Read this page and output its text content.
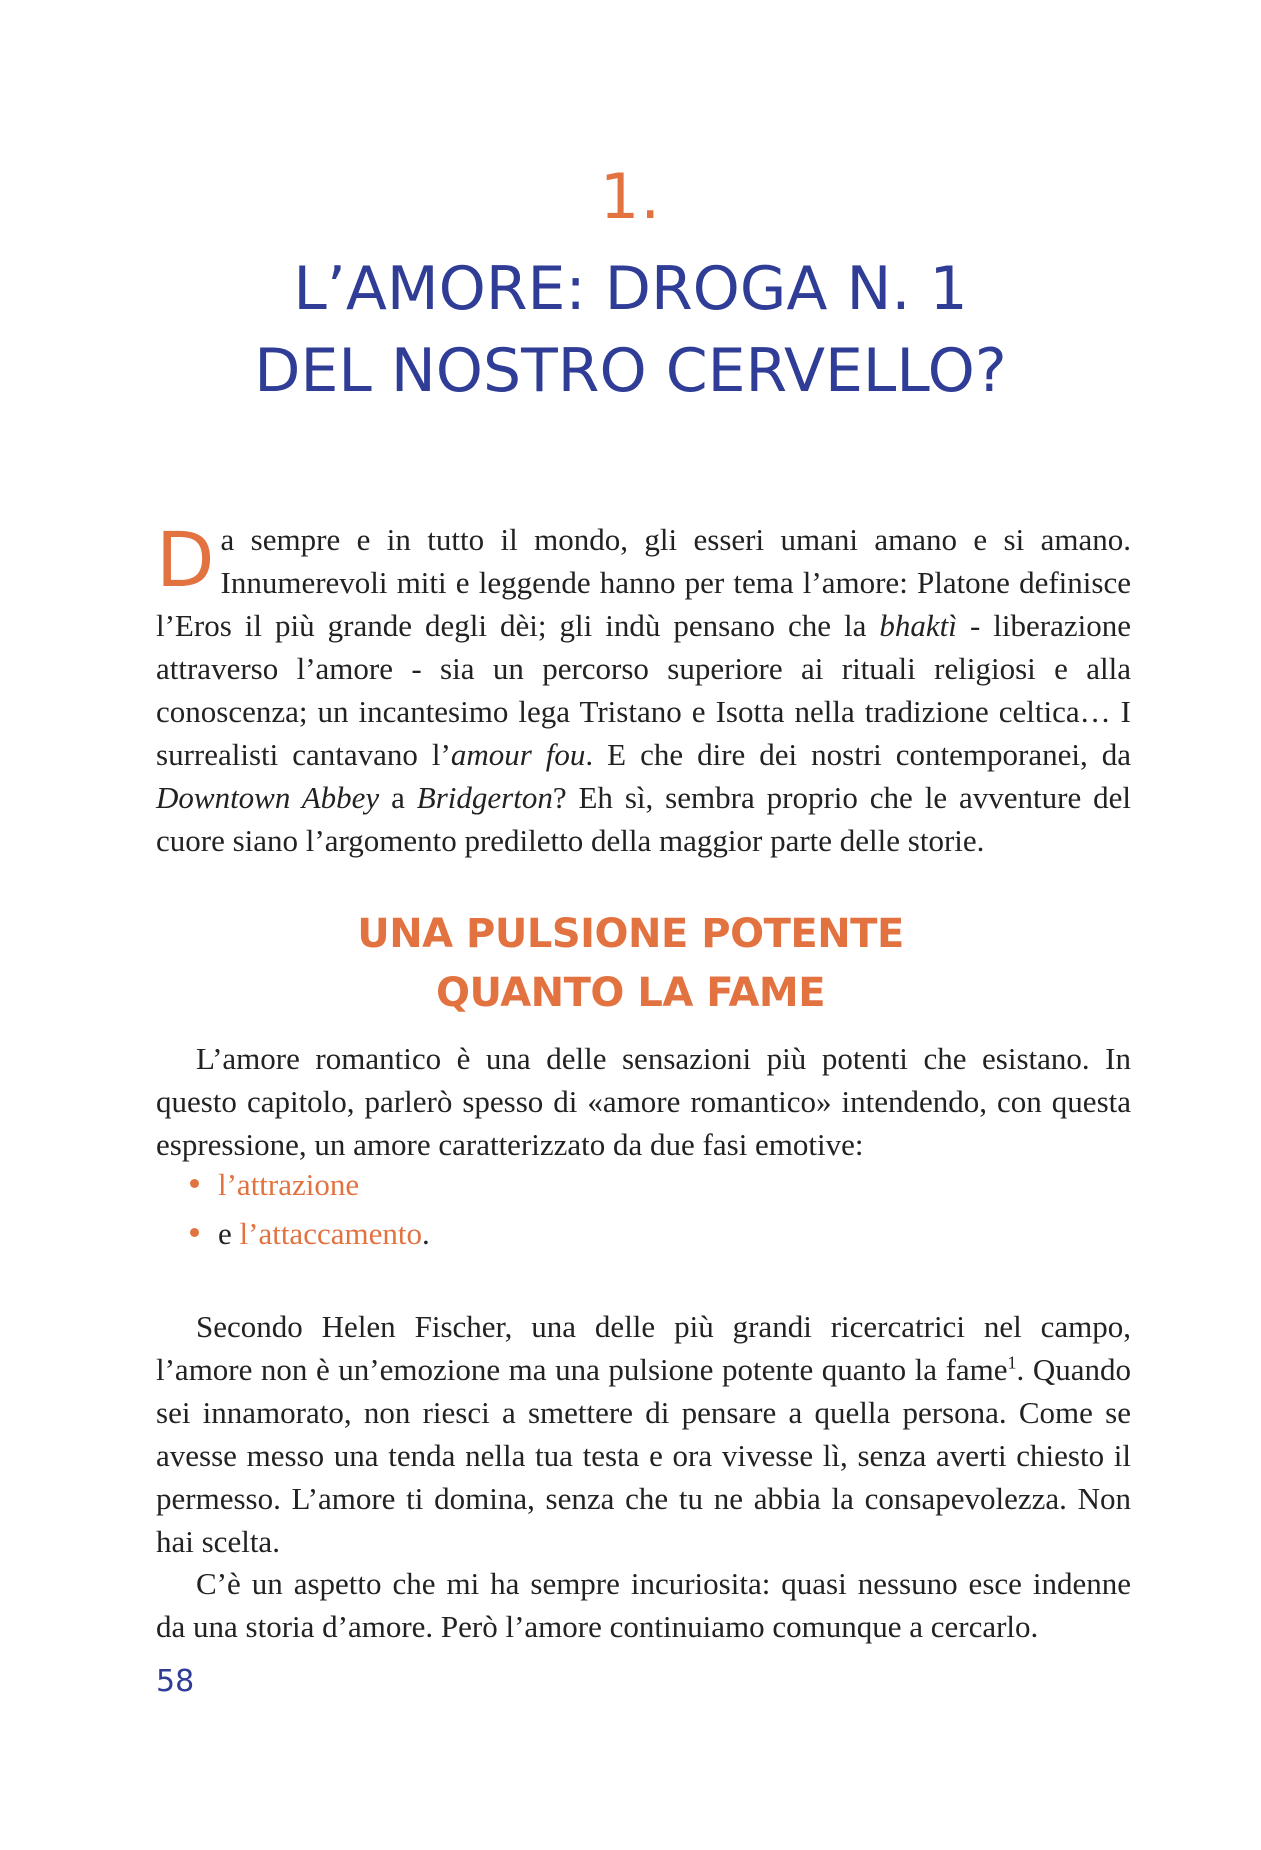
1.
L’AMORE: DROGA N. 1
DEL NOSTRO CERVELLO?
Da sempre e in tutto il mondo, gli esseri umani amano e si amano. Innumerevoli miti e leggende hanno per tema l’amore: Platone definisce l’Eros il più grande degli dèi; gli indù pensano che la bhaktì - liberazione attraverso l’amore - sia un percorso superiore ai rituali religiosi e alla conoscenza; un incantesimo lega Tristano e Isotta nella tradizione celtica… I surrealisti cantavano l’amour fou. E che dire dei nostri contemporanei, da Downtown Abbey a Bridgerton? Eh sì, sembra proprio che le avventure del cuore siano l’argomento prediletto della maggior parte delle storie.
UNA PULSIONE POTENTE
QUANTO LA FAME

L’amore romantico è una delle sensazioni più potenti che esistano. In questo capitolo, parlerò spesso di «amore romantico» intendendo, con questa espressione, un amore caratterizzato da due fasi emotive:

l’attrazione
e l’attaccamento.

Secondo Helen Fischer, una delle più grandi ricercatrici nel campo, l’amore non è un’emozione ma una pulsione potente quanto la fame$^1$. Quando sei innamorato, non riesci a smettere di pensare a quella persona. Come se avesse messo una tenda nella tua testa e ora vivesse lì, senza averti chiesto il permesso. L’amore ti domina, senza che tu ne abbia la consapevolezza. Non hai scelta.

C’è un aspetto che mi ha sempre incuriosita: quasi nessuno esce indenne da una storia d’amore. Però l’amore continuiamo comunque a cercarlo.

58
